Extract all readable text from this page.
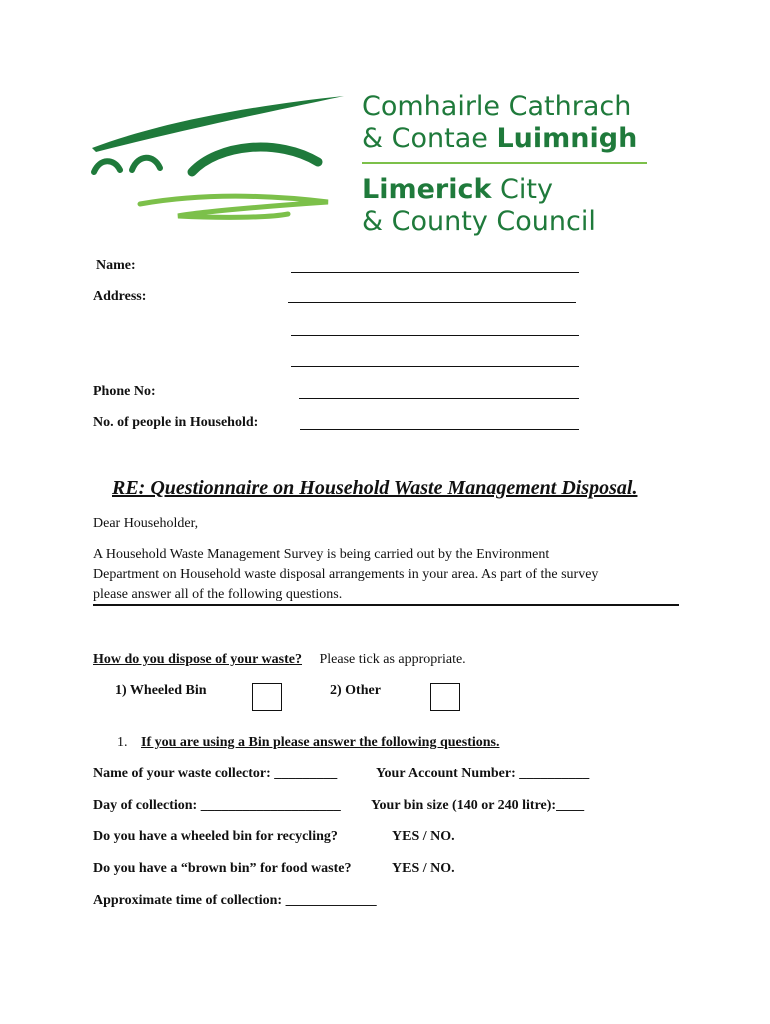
Comhairle Cathrach
& Contae Luimnigh
Limerick City
& County Council
Name:
Address:
Phone No:
No. of people in Household:
RE: Questionnaire on Household Waste Management Disposal.
Dear Householder,
A Household Waste Management Survey is being carried out by the Environment
Department on Household waste disposal arrangements in your area. As part of the survey
please answer all of the following questions.
How do you dispose of your waste? Please tick as appropriate.
1) Wheeled Bin	2) Other
1. If you are using a Bin please answer the following questions.
Name of your waste collector: _________	Your Account Number: __________
Day of collection: ____________________ Your bin size (140 or 240 litre):____
Do you have a wheeled bin for recycling?	YES / NO.
Do you have a “brown bin” for food waste?	YES / NO.
Approximate time of collection: _____________
